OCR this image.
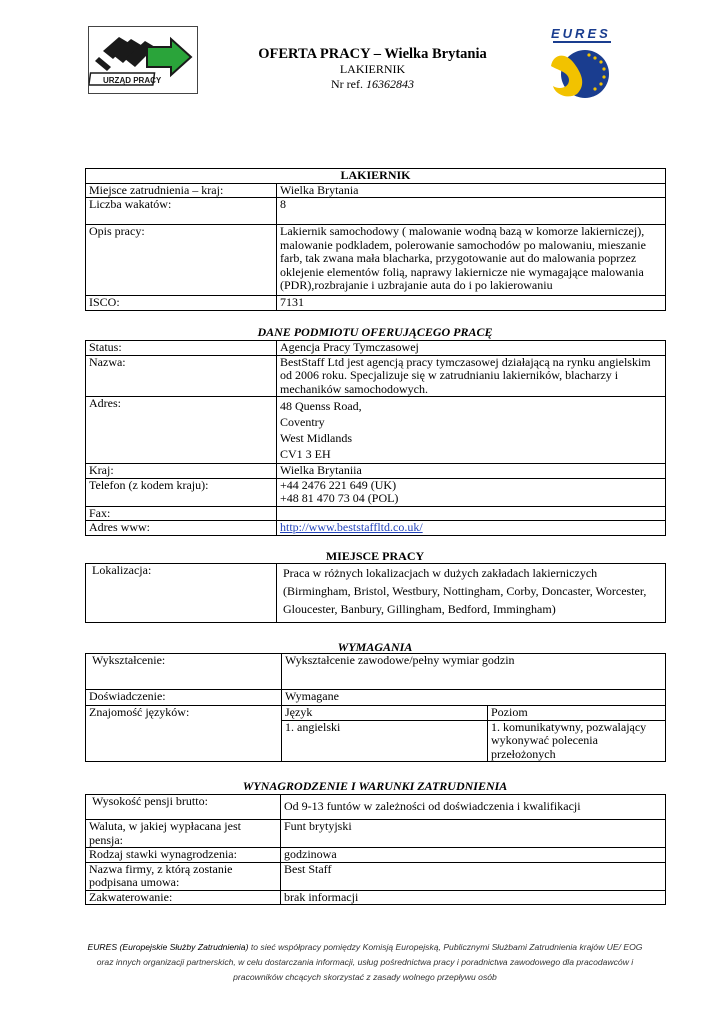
URZĄD PRACY
EURES
OFERTA PRACY – Wielka Brytania
LAKIERNIK
Nr ref. 16362843
LAKIERNIK	
Miejsce zatrudnienia – kraj:	Wielka Brytania
Liczba wakatów:	8
Opis pracy:	Lakiernik samochodowy ( malowanie wodną bazą w komorze lakierniczej), malowanie podkladem, polerowanie samochodów po malowaniu, mieszanie farb, tak zwana mała blacharka, przygotowanie aut do malowania poprzez oklejenie elementów folią, naprawy lakiernicze nie wymagające malowania (PDR),rozbrajanie i uzbrajanie auta do i po lakierowaniu
ISCO:	7131
DANE PODMIOTU OFERUJĄCEGO PRACĘ
Status:	Agencja Pracy Tymczasowej
Nazwa:	BestStaff Ltd jest agencją pracy tymczasowej działającą na rynku angielskim od 2006 roku. Specjalizuje się w zatrudnianiu lakierników, blacharzy i mechaników samochodowych.
Adres:	48 Quenss Road,
Coventry
West Midlands
CV1 3 EH

Kraj:	Wielka Brytaniia
Telefon (z kodem kraju):	+44 2476 221 649 (UK)
+48 81 470 73 04 (POL)

Fax:	
Adres www:	http://www.beststaffltd.co.uk/
MIEJSCE PRACY
Lokalizacja:	Praca w różnych lokalizacjach w dużych zakładach lakierniczych (Birmingham, Bristol, Westbury, Nottingham, Corby, Doncaster, Worcester, Gloucester, Banbury, Gillingham, Bedford, Immingham)
WYMAGANIA
Wykształcenie:	Wykształcenie zawodowe/pełny wymiar godzin	
Doświadczenie:	Wymagane	
Znajomość języków:	Język	Poziom
	1. angielski	1. komunikatywny, pozwalający wykonywać polecenia przełożonych
WYNAGRODZENIE I WARUNKI ZATRUDNIENIA
Wysokość pensji brutto:	Od 9-13 funtów w zależności od doświadczenia i kwalifikacji
Waluta, w jakiej wypłacana jest pensja:	Funt brytyjski
Rodzaj stawki wynagrodzenia:	godzinowa
Nazwa firmy, z którą zostanie podpisana umowa:	Best Staff
Zakwaterowanie:	brak informacji
EURES (Europejskie Służby Zatrudnienia) to sieć współpracy pomiędzy Komisją Europejską, Publicznymi Służbami Zatrudnienia krajów UE/ EOG
oraz innych organizacji partnerskich, w celu dostarczania informacji, usług pośrednictwa pracy i poradnictwa zawodowego dla pracodawców i
pracowników chcących skorzystać z zasady wolnego przepływu osób
